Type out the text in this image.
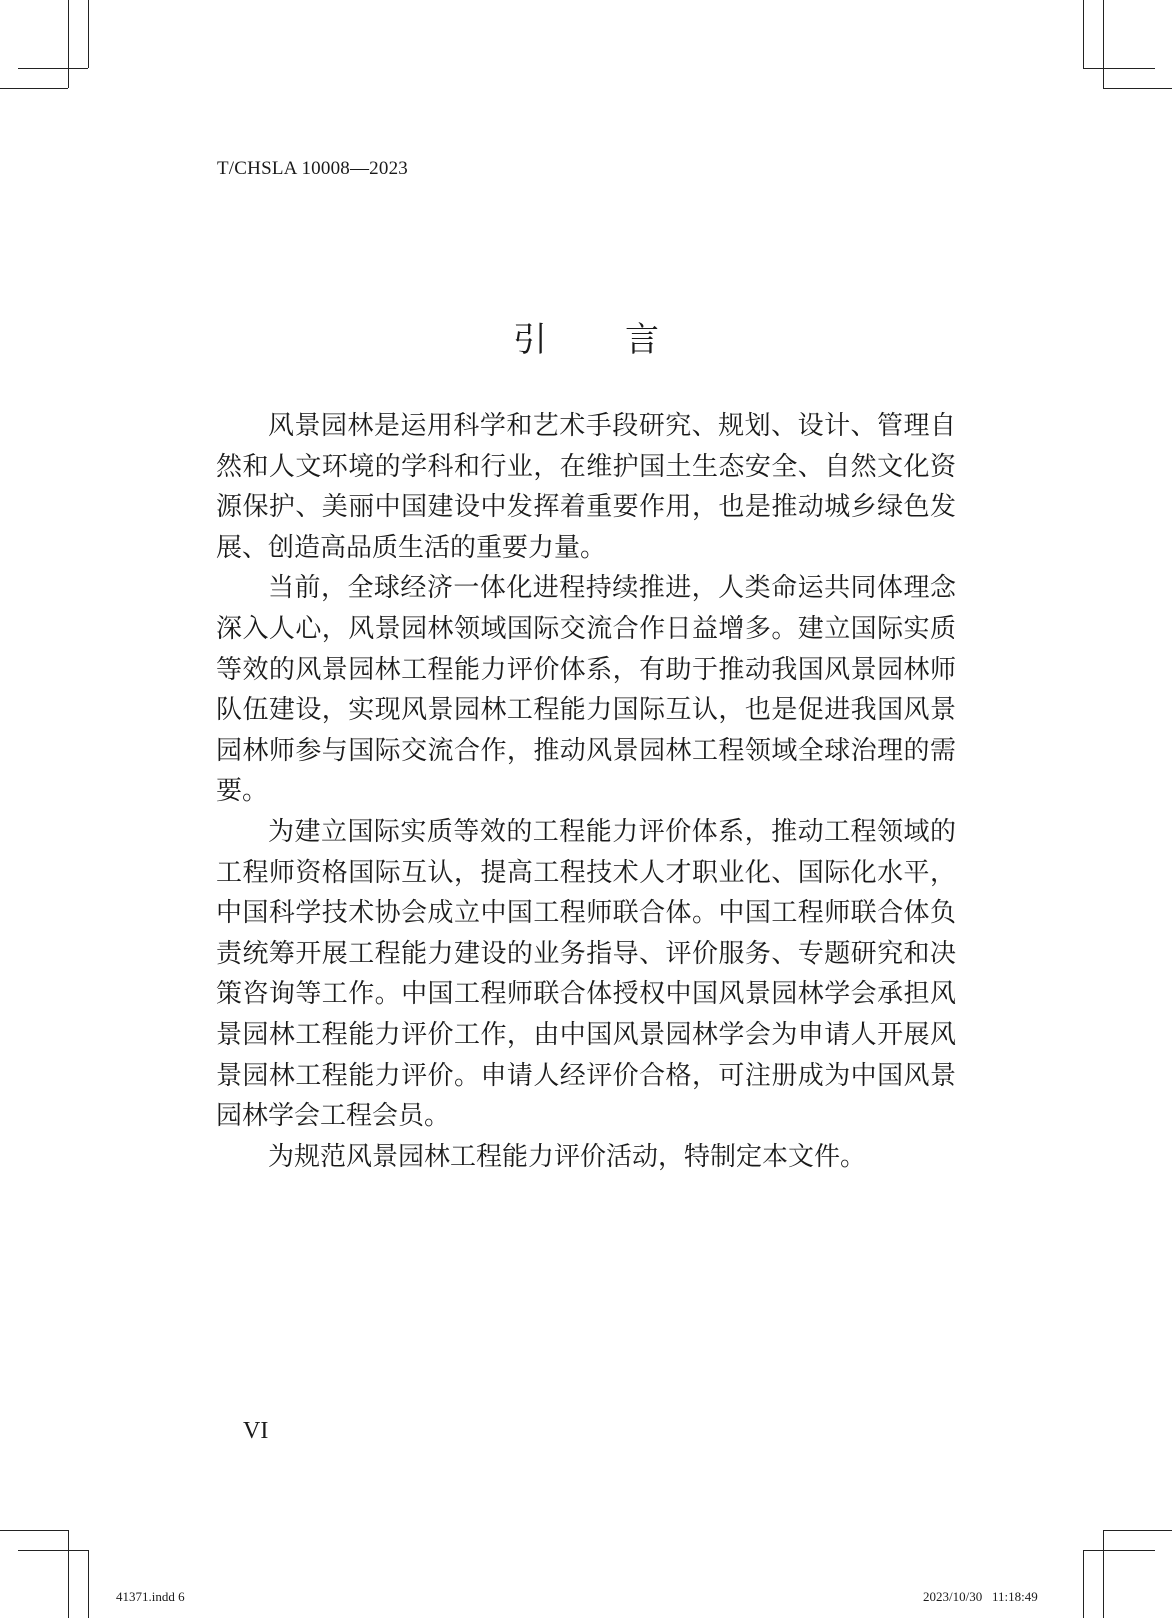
T/CHSLA 10008—2023
引言

风景园林是运用科学和艺术手段研究、规划、设计、管理自然和人文环境的学科和行业，在维护国土生态安全、自然文化资源保护、美丽中国建设中发挥着重要作用，也是推动城乡绿色发展、创造高品质生活的重要力量。

当前，全球经济一体化进程持续推进，人类命运共同体理念深入人心，风景园林领域国际交流合作日益增多。建立国际实质等效的风景园林工程能力评价体系，有助于推动我国风景园林师队伍建设，实现风景园林工程能力国际互认，也是促进我国风景园林师参与国际交流合作，推动风景园林工程领域全球治理的需要。

为建立国际实质等效的工程能力评价体系，推动工程领域的工程师资格国际互认，提高工程技术人才职业化、国际化水平，中国科学技术协会成立中国工程师联合体。中国工程师联合体负责统筹开展工程能力建设的业务指导、评价服务、专题研究和决策咨询等工作。中国工程师联合体授权中国风景园林学会承担风景园林工程能力评价工作，由中国风景园林学会为申请人开展风景园林工程能力评价。申请人经评价合格，可注册成为中国风景园林学会工程会员。

为规范风景园林工程能力评价活动，特制定本文件。

VI
41371.indd 6	2023/10/30   11:18:49
